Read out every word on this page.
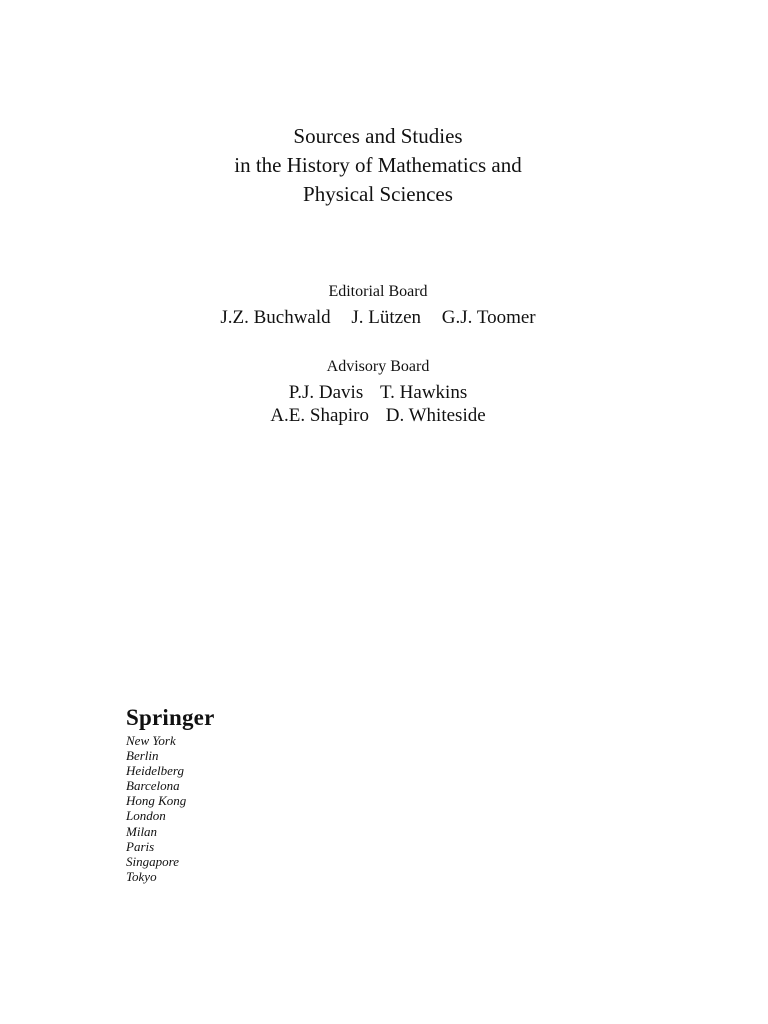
Sources and Studies
in the History of Mathematics and
Physical Sciences
Editorial Board
J.Z. Buchwald J. Lützen G.J. Toomer
Advisory Board
P.J. Davis T. Hawkins
A.E. Shapiro D. Whiteside
Springer
New York
Berlin
Heidelberg
Barcelona
Hong Kong
London
Milan
Paris
Singapore
Tokyo
